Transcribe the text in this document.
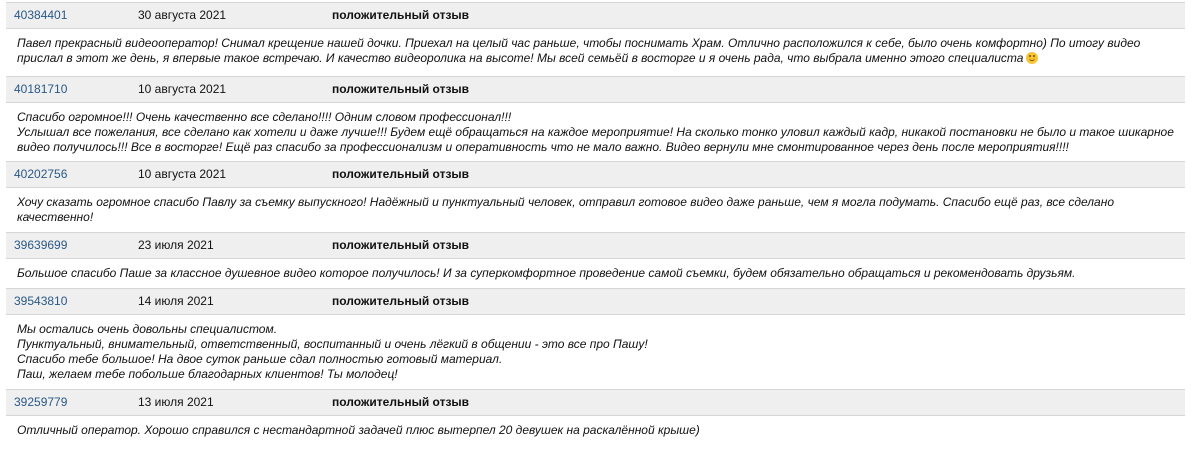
40384401	30 августа 2021	положительный отзыв
Павел прекрасный видеооператор! Снимал крещение нашей дочки. Приехал на целый час раньше, чтобы поснимать Храм. Отлично расположился к себе, было очень комфортно) По итогу видео прислал в этот же день, я впервые такое встречаю. И качество видеоролика на высоте! Мы всей семьёй в восторге и я очень рада, что выбрала именно этого специалиста
40181710	10 августа 2021	положительный отзыв
Спасибо огромное!!! Очень качественно все сделано!!!! Одним словом профессионал!!!
Услышал все пожелания, все сделано как хотели и даже лучше!!! Будем ещё обращаться на каждое мероприятие! На сколько тонко уловил каждый кадр, никакой постановки не было и такое шикарное видео получилось!!! Все в восторге! Ещё раз спасибо за профессионализм и оперативность что не мало важно. Видео вернули мне смонтированное через день после мероприятия!!!!
40202756	10 августа 2021	положительный отзыв
Хочу сказать огромное спасибо Павлу за съемку выпускного! Надёжный и пунктуальный человек, отправил готовое видео даже раньше, чем я могла подумать. Спасибо ещё раз, все сделано качественно!
39639699	23 июля 2021	положительный отзыв
Большое спасибо Паше за классное душевное видео которое получилось! И за суперкомфортное проведение самой съемки, будем обязательно обращаться и рекомендовать друзьям.
39543810	14 июля 2021	положительный отзыв
Мы остались очень довольны специалистом.
Пунктуальный, внимательный, ответственный, воспитанный и очень лёгкий в общении - это все про Пашу!
Спасибо тебе большое! На двое суток раньше сдал полностью готовый материал.
Паш, желаем тебе побольше благодарных клиентов! Ты молодец!
39259779	13 июля 2021	положительный отзыв
Отличный оператор. Хорошо справился с нестандартной задачей плюс вытерпел 20 девушек на раскалённой крыше)
